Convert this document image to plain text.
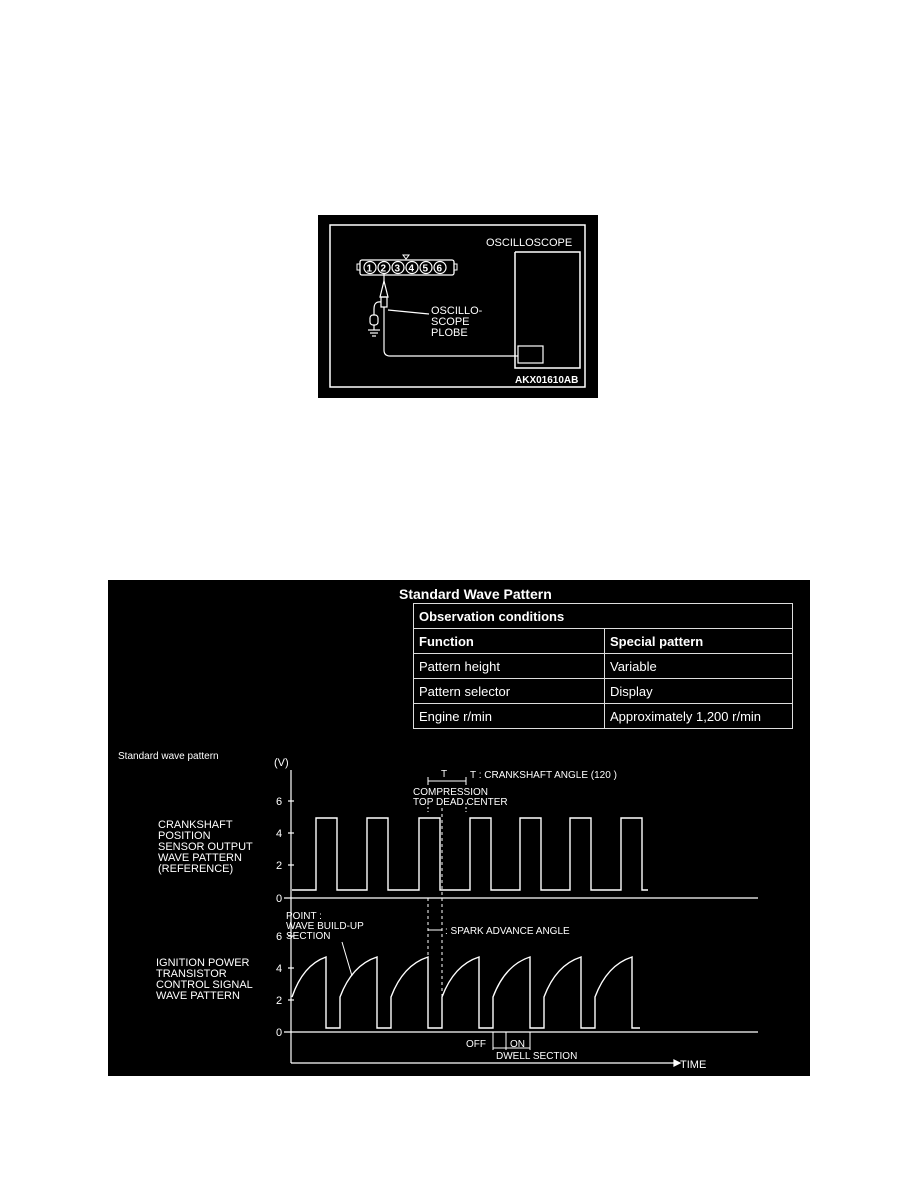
OSCILLOSCOPE
1 2 3 4 5 6
OSCILLO-
SCOPE
PLOBE
AKX01610AB
Standard Wave Pattern
Observation conditions	
Function	Special pattern
Pattern height	Variable
Pattern selector	Display
Engine r/min	Approximately 1,200 r/min
Standard wave pattern
(V)
TIME
6
4
2
0
6
4
2
0
CRANKSHAFT
POSITION
SENSOR OUTPUT
WAVE PATTERN
(REFERENCE)
IGNITION POWER
TRANSISTOR
CONTROL SIGNAL
WAVE PATTERN
T T : CRANKSHAFT ANGLE (120 )
COMPRESSION
TOP DEAD CENTER
: SPARK ADVANCE ANGLE
POINT :
WAVE BUILD-UP
SECTION
OFF ON
DWELL SECTION
